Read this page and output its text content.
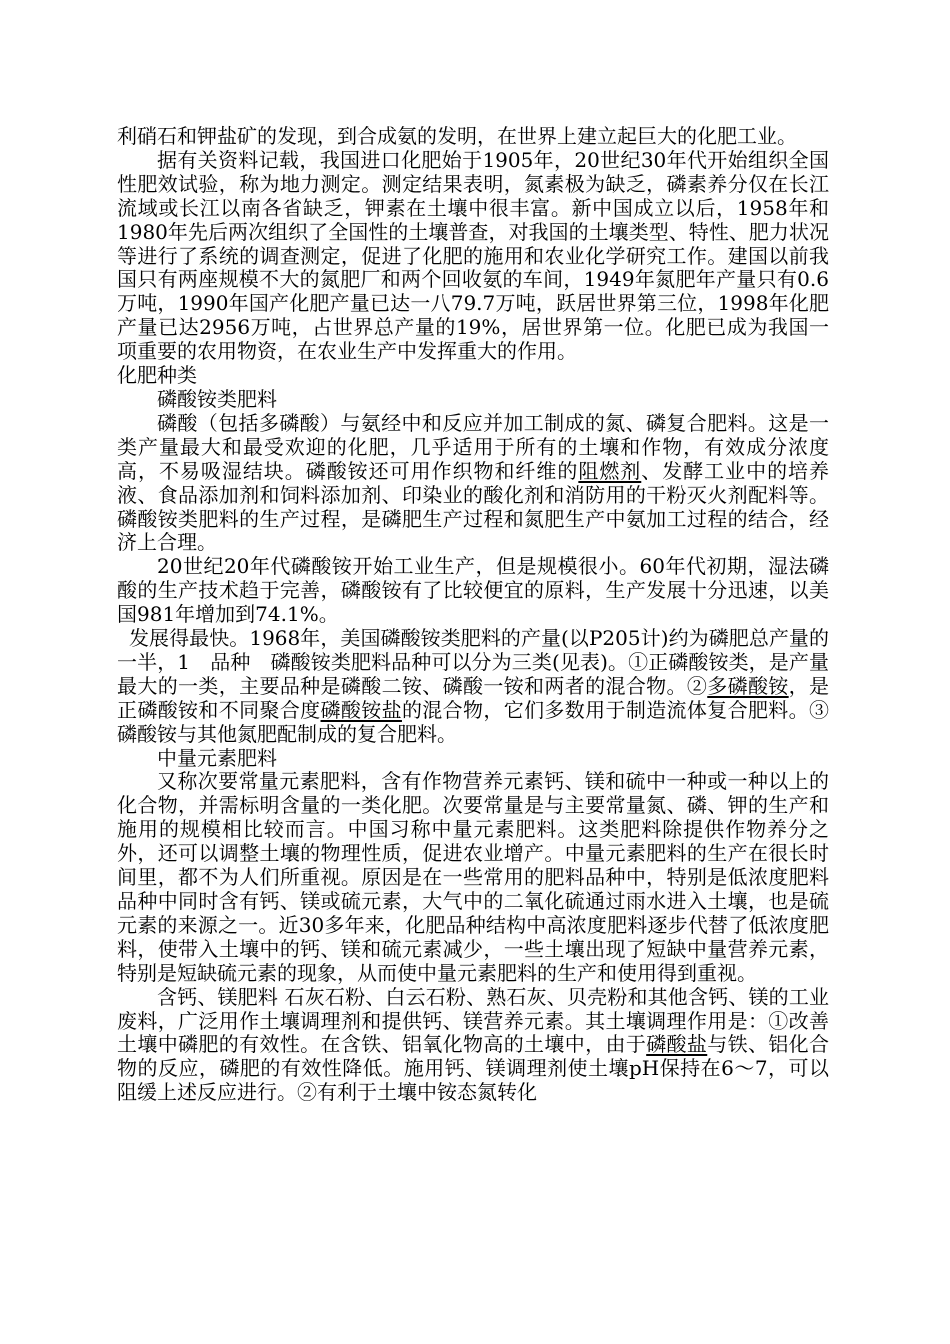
利硝石和钾盐矿的发现，到合成氨的发明，在世界上建立起巨大的化肥工业。

据有关资料记载，我国进口化肥始于1905年，20世纪30年代开始组织全国性肥效试验，称为地力测定。测定结果表明，氮素极为缺乏，磷素养分仅在长江流域或长江以南各省缺乏，钾素在土壤中很丰富。新中国成立以后，1958年和1980年先后两次组织了全国性的土壤普查，对我国的土壤类型、特性、肥力状况等进行了系统的调查测定，促进了化肥的施用和农业化学研究工作。建国以前我国只有两座规模不大的氮肥厂和两个回收氨的车间，1949年氮肥年产量只有0.6万吨，1990年国产化肥产量已达一八79.7万吨，跃居世界第三位，1998年化肥产量已达2956万吨，占世界总产量的19%，居世界第一位。化肥已成为我国一项重要的农用物资，在农业生产中发挥重大的作用。

化肥种类

磷酸铵类肥料

磷酸（包括多磷酸）与氨经中和反应并加工制成的氮、磷复合肥料。这是一类产量最大和最受欢迎的化肥，几乎适用于所有的土壤和作物，有效成分浓度高，不易吸湿结块。磷酸铵还可用作织物和纤维的阻燃剂、发酵工业中的培养液、食品添加剂和饲料添加剂、印染业的酸化剂和消防用的干粉灭火剂配料等。磷酸铵类肥料的生产过程，是磷肥生产过程和氮肥生产中氨加工过程的结合，经济上合理。

20世纪20年代磷酸铵开始工业生产，但是规模很小。60年代初期，湿法磷酸的生产技术趋于完善，磷酸铵有了比较便宜的原料，生产发展十分迅速，以美国981年增加到74.1%。

发展得最快。1968年，美国磷酸铵类肥料的产量(以P205计)约为磷肥总产量的一半，1　品种　磷酸铵类肥料品种可以分为三类(见表)。①正磷酸铵类，是产量最大的一类，主要品种是磷酸二铵、磷酸一铵和两者的混合物。②多磷酸铵，是正磷酸铵和不同聚合度磷酸铵盐的混合物，它们多数用于制造流体复合肥料。③磷酸铵与其他氮肥配制成的复合肥料。

中量元素肥料

又称次要常量元素肥料，含有作物营养元素钙、镁和硫中一种或一种以上的化合物，并需标明含量的一类化肥。次要常量是与主要常量氮、磷、钾的生产和施用的规模相比较而言。中国习称中量元素肥料。这类肥料除提供作物养分之外，还可以调整土壤的物理性质，促进农业增产。中量元素肥料的生产在很长时间里，都不为人们所重视。原因是在一些常用的肥料品种中，特别是低浓度肥料品种中同时含有钙、镁或硫元素，大气中的二氧化硫通过雨水进入土壤，也是硫元素的来源之一。近30多年来，化肥品种结构中高浓度肥料逐步代替了低浓度肥料，使带入土壤中的钙、镁和硫元素减少，一些土壤出现了短缺中量营养元素，特别是短缺硫元素的现象，从而使中量元素肥料的生产和使用得到重视。

含钙、镁肥料 石灰石粉、白云石粉、熟石灰、贝壳粉和其他含钙、镁的工业废料，广泛用作土壤调理剂和提供钙、镁营养元素。其土壤调理作用是：①改善土壤中磷肥的有效性。在含铁、铝氧化物高的土壤中，由于磷酸盐与铁、铝化合物的反应，磷肥的有效性降低。施用钙、镁调理剂使土壤pH保持在6～7，可以阻缓上述反应进行。②有利于土壤中铵态氮转化
